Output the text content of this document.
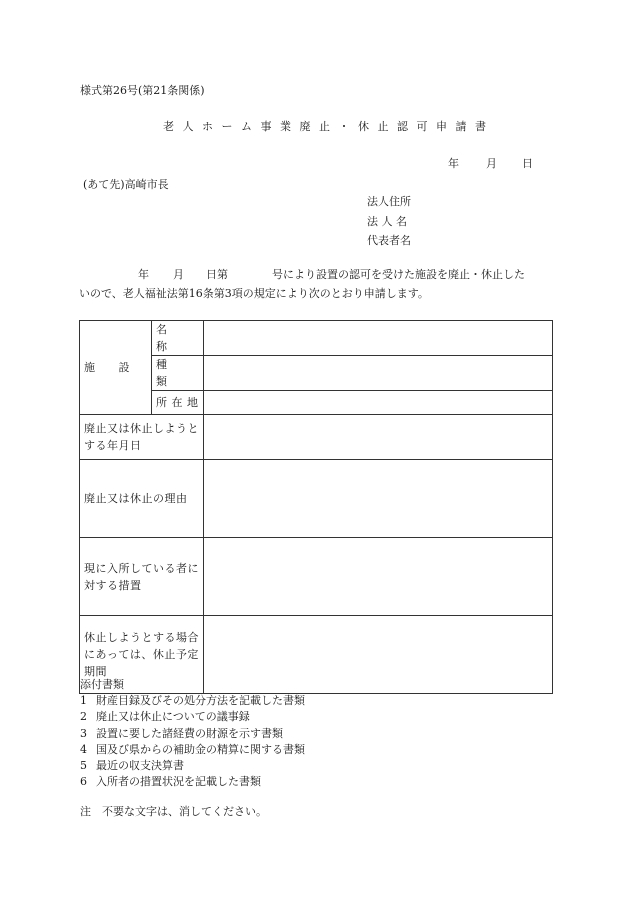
様式第26号(第21条関係)
老人ホーム事業廃止・休止認可申請書
年 月 日
(あて先)高崎市長
法人住所
法 人 名
代表者名
年 月 日第	号により設置の認可を受けた施設を廃止・休止した
いので、老人福祉法第16条第3項の規定により次のとおり申請します。
施　　設	名　　称	
	種　　類	
	所 在 地	
廃止又は休止しようとする年月日		
廃止又は休止の理由		
現に入所している者に対する措置		
休止しようとする場合にあっては、休止予定期間		
添付書類
1 財産目録及びその処分方法を記載した書類
2 廃止又は休止についての議事録
3 設置に要した諸経費の財源を示す書類
4 国及び県からの補助金の精算に関する書類
5 最近の収支決算書
6 入所者の措置状況を記載した書類
注　不要な文字は、消してください。
